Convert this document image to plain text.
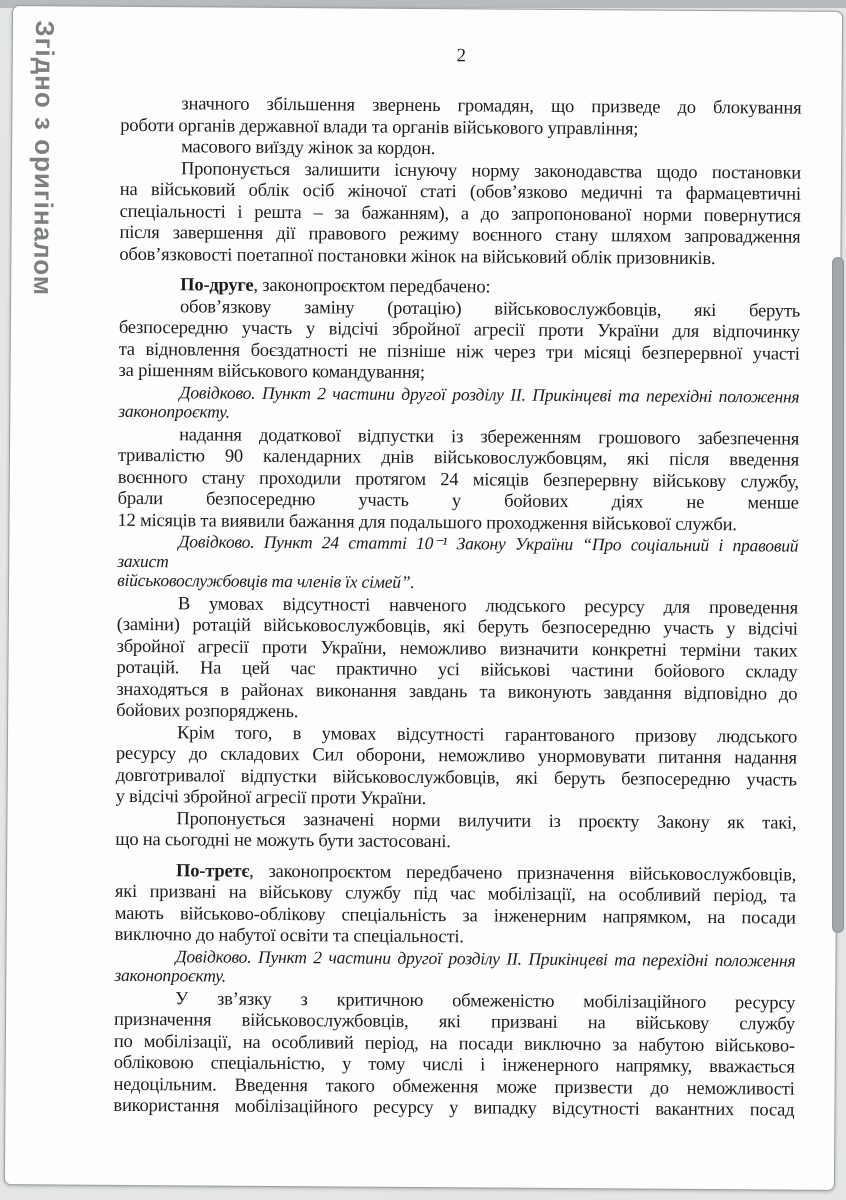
Згідно з оригіналом	2
значного збільшення звернень громадян, що призведе до блокування
роботи органів державної влади та органів військового управління;
масового виїзду жінок за кордон.
Пропонується залишити існуючу норму законодавства щодо постановки
на військовий облік осіб жіночої статі (обов’язково медичні та фармацевтичні
спеціальності і решта – за бажанням), а до запропонованої норми повернутися
після завершення дії правового режиму воєнного стану шляхом запровадження
обов’язковості поетапної постановки жінок на військовий облік призовників.
По-друге, законопроєктом передбачено:
обов’язкову заміну (ротацію) військовослужбовців, які беруть
безпосередню участь у відсічі збройної агресії проти України для відпочинку
та відновлення боєздатності не пізніше ніж через три місяці безперервної участі
за рішенням військового командування;
Довідково. Пункт 2 частини другої розділу ІІ. Прикінцеві та перехідні положення
законопроєкту.
надання додаткової відпустки із збереженням грошового забезпечення
тривалістю 90 календарних днів військовослужбовцям, які після введення
воєнного стану проходили протягом 24 місяців безперервну військову службу,
брали безпосередню участь у бойових діях не менше
12 місяців та виявили бажання для подальшого проходження військової служби.
Довідково. Пункт 24 статті 10⁻¹ Закону України “Про соціальний і правовий захист
військовослужбовців та членів їх сімей”.
В умовах відсутності навченого людського ресурсу для проведення
(заміни) ротацій військовослужбовців, які беруть безпосередню участь у відсічі
збройної агресії проти України, неможливо визначити конкретні терміни таких
ротацій. На цей час практично усі військові частини бойового складу
знаходяться в районах виконання завдань та виконують завдання відповідно до
бойових розпоряджень.
Крім того, в умовах відсутності гарантованого призову людського
ресурсу до складових Сил оборони, неможливо унормовувати питання надання
довготривалої відпустки військовослужбовців, які беруть безпосередню участь
у відсічі збройної агресії проти України.
Пропонується зазначені норми вилучити із проєкту Закону як такі,
що на сьогодні не можуть бути застосовані.
По-третє, законопроєктом передбачено призначення військовослужбовців,
які призвані на військову службу під час мобілізації, на особливий період, та
мають військово-облікову спеціальність за інженерним напрямком, на посади
виключно до набутої освіти та спеціальності.
Довідково. Пункт 2 частини другої розділу ІІ. Прикінцеві та перехідні положення
законопроєкту.
У зв’язку з критичною обмеженістю мобілізаційного ресурсу
призначення військовослужбовців, які призвані на військову службу
по мобілізації, на особливий період, на посади виключно за набутою військово-
обліковою спеціальністю, у тому числі і інженерного напрямку, вважається
недоцільним. Введення такого обмеження може призвести до неможливості
використання мобілізаційного ресурсу у випадку відсутності вакантних посад
